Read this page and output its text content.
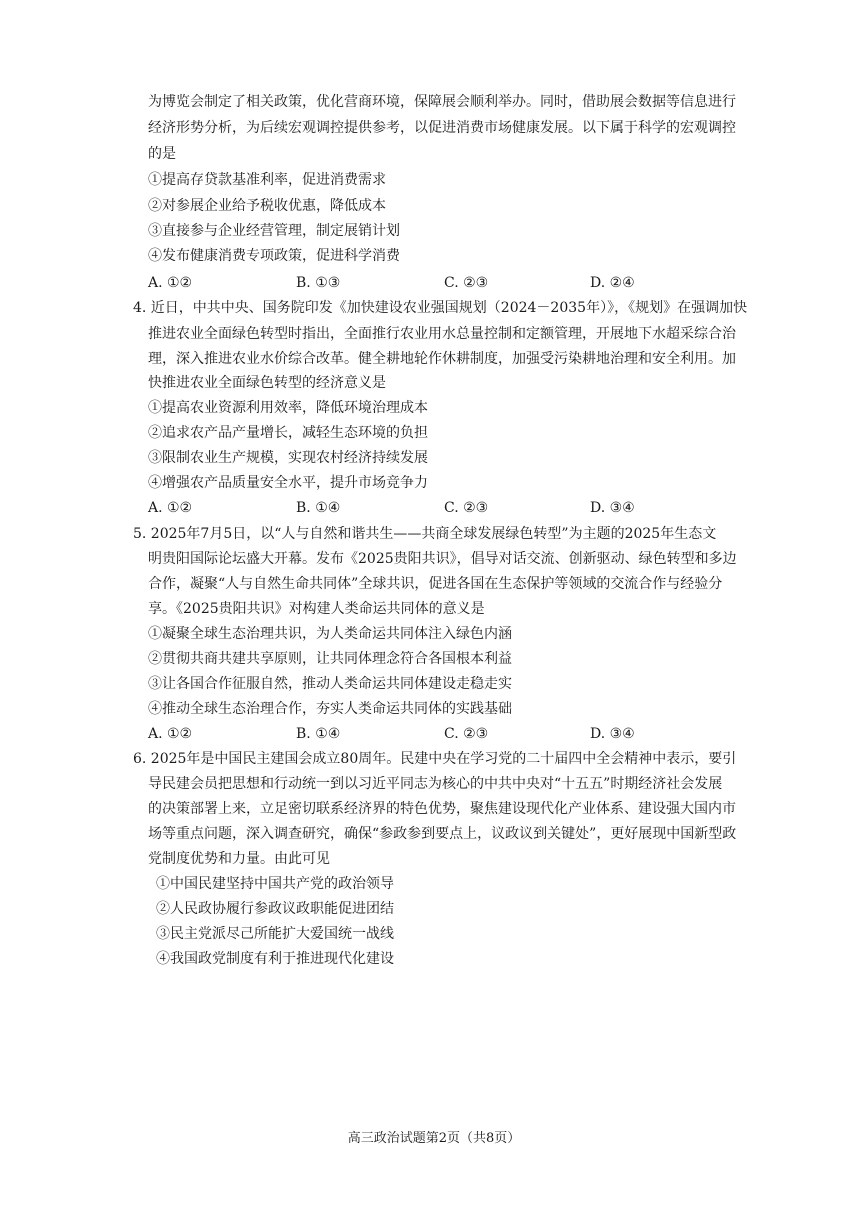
为博览会制定了相关政策，优化营商环境，保障展会顺利举办。同时，借助展会数据等信息进行
经济形势分析，为后续宏观调控提供参考，以促进消费市场健康发展。以下属于科学的宏观调控
的是
①提高存贷款基准利率，促进消费需求
②对参展企业给予税收优惠，降低成本
③直接参与企业经营管理，制定展销计划
④发布健康消费专项政策，促进科学消费
A. ①②	B. ①③	C. ②③	D. ②④
4. 近日，中共中央、国务院印发《加快建设农业强国规划（2024－2035年）》，《规划》在强调加快
推进农业全面绿色转型时指出，全面推行农业用水总量控制和定额管理，开展地下水超采综合治
理，深入推进农业水价综合改革。健全耕地轮作休耕制度，加强受污染耕地治理和安全利用。加
快推进农业全面绿色转型的经济意义是
①提高农业资源利用效率，降低环境治理成本
②追求农产品产量增长，减轻生态环境的负担
③限制农业生产规模，实现农村经济持续发展
④增强农产品质量安全水平，提升市场竞争力
A. ①②	B. ①④	C. ②③	D. ③④
5. 2025年7月5日，以“人与自然和谐共生——共商全球发展绿色转型”为主题的2025年生态文
明贵阳国际论坛盛大开幕。发布《2025贵阳共识》，倡导对话交流、创新驱动、绿色转型和多边
合作，凝聚“人与自然生命共同体”全球共识，促进各国在生态保护等领域的交流合作与经验分
享。《2025贵阳共识》对构建人类命运共同体的意义是
①凝聚全球生态治理共识，为人类命运共同体注入绿色内涵
②贯彻共商共建共享原则，让共同体理念符合各国根本利益
③让各国合作征服自然，推动人类命运共同体建设走稳走实
④推动全球生态治理合作，夯实人类命运共同体的实践基础
A. ①②	B. ①④	C. ②③	D. ③④
6. 2025年是中国民主建国会成立80周年。民建中央在学习党的二十届四中全会精神中表示，要引
导民建会员把思想和行动统一到以习近平同志为核心的中共中央对“十五五”时期经济社会发展
的决策部署上来，立足密切联系经济界的特色优势，聚焦建设现代化产业体系、建设强大国内市
场等重点问题，深入调查研究，确保“参政参到要点上，议政议到关键处”，更好展现中国新型政
党制度优势和力量。由此可见
①中国民建坚持中国共产党的政治领导
②人民政协履行参政议政职能促进团结
③民主党派尽己所能扩大爱国统一战线
④我国政党制度有利于推进现代化建设
高三政治试题第2页（共8页）
